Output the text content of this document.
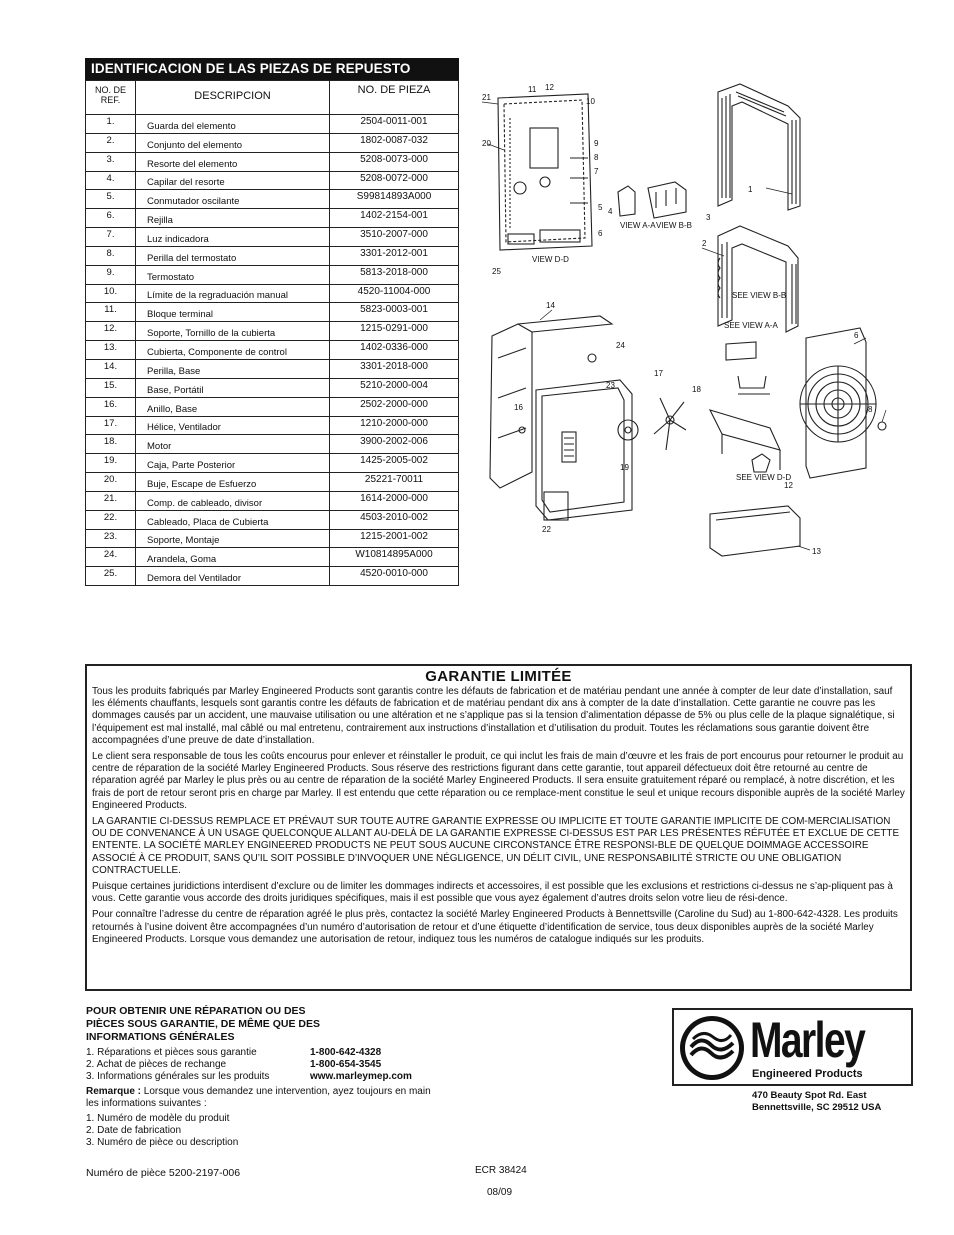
IDENTIFICACION DE LAS PIEZAS DE REPUESTO
NO. DE
REF.	DESCRIPCION	NO. DE PIEZA
1.	Guarda del elemento	2504-0011-001
2.	Conjunto del elemento	1802-0087-032
3.	Resorte del elemento	5208-0073-000
4.	Capilar del resorte	5208-0072-000
5.	Conmutador oscilante	S99814893A000
6.	Rejilla	1402-2154-001
7.	Luz indicadora	3510-2007-000
8.	Perilla del termostato	3301-2012-001
9.	Termostato	5813-2018-000
10.	Límite de la regraduación manual	4520-11004-000
11.	Bloque terminal	5823-0003-001
12.	Soporte, Tornillo de la cubierta	1215-0291-000
13.	Cubierta, Componente de control	1402-0336-000
14.	Perilla, Base	3301-2018-000
15.	Base, Portátil	5210-2000-004
16.	Anillo, Base	2502-2000-000
17.	Hélice, Ventilador	1210-2000-000
18.	Motor	3900-2002-006
19.	Caja, Parte Posterior	1425-2005-002
20.	Buje, Escape de Esfuerzo	25221-70011
21.	Comp. de cableado, divisor	1614-2000-000
22.	Cableado, Placa de Cubierta	4503-2010-002
23.	Soporte, Montaje	1215-2001-002
24.	Arandela, Goma	W10814895A000
25.	Demora del Ventilador	4520-0010-000
21
12
11
10
20	9
8
7
5
6
4
3
1
2
25
14
24
23
17
18
16
19
22
6
8
12
13
VIEW A-A VIEW B-B
VIEW D-D
SEE VIEW B-B
SEE VIEW A-A
SEE VIEW D-D
GARANTIE LIMITÉE

Tous les produits fabriqués par Marley Engineered Products sont garantis contre les défauts de fabrication et de matériau pendant une année à compter de leur date d’installation, sauf les éléments chauffants, lesquels sont garantis contre les défauts de fabrication et de matériau pendant dix ans à compter de la date d’installation. Cette garantie ne couvre pas les dommages causés par un accident, une mauvaise utilisation ou une altération et ne s’applique pas si la tension d’alimentation dépasse de 5% ou plus celle de la plaque signalétique, si l’équipement est mal installé, mal câblé ou mal entretenu, contrairement aux instructions d’installation et d’utilisation du produit. Toutes les réclamations sous garantie doivent être accompagnées d’une preuve de date d’installation.

Le client sera responsable de tous les coûts encourus pour enlever et réinstaller le produit, ce qui inclut les frais de main d’œuvre et les frais de port encourus pour retourner le produit au centre de réparation de la société Marley Engineered Products. Sous réserve des restrictions figurant dans cette garantie, tout appareil défectueux doit être retourné au centre de réparation agréé par Marley le plus près ou au centre de réparation de la société Marley Engineered Products. Il sera ensuite gratuitement réparé ou remplacé, à notre discrétion, et les frais de port de retour seront pris en charge par Marley. Il est entendu que cette réparation ou ce remplace-ment constitue le seul et unique recours disponible auprès de la société Marley Engineered Products.

LA GARANTIE CI-DESSUS REMPLACE ET PRÉVAUT SUR TOUTE AUTRE GARANTIE EXPRESSE OU IMPLICITE ET TOUTE GARANTIE IMPLICITE DE COM-MERCIALISATION OU DE CONVENANCE À UN USAGE QUELCONQUE ALLANT AU-DELÀ DE LA GARANTIE EXPRESSE CI-DESSUS EST PAR LES PRÉSENTES RÉFUTÉE ET EXCLUE DE CETTE ENTENTE. LA SOCIÉTÉ MARLEY ENGINEERED PRODUCTS NE PEUT SOUS AUCUNE CIRCONSTANCE ÊTRE RESPONSI-BLE DE QUELQUE DOIMMAGE ACCESSOIRE ASSOCIÉ À CE PRODUIT, SANS QU’IL SOIT POSSIBLE D’INVOQUER UNE NÉGLIGENCE, UN DÉLIT CIVIL, UNE RESPONSABILITÉ STRICTE OU UNE OBLIGATION CONTRACTUELLE.

Puisque certaines juridictions interdisent d’exclure ou de limiter les dommages indirects et accessoires, il est possible que les exclusions et restrictions ci-dessus ne s’ap-pliquent pas à vous. Cette garantie vous accorde des droits juridiques spécifiques, mais il est possible que vous ayez également d’autres droits selon votre lieu de rési-dence.

Pour connaître l’adresse du centre de réparation agréé le plus près, contactez la société Marley Engineered Products à Bennettsville (Caroline du Sud) au 1-800-642-4328. Les produits retournés à l’usine doivent être accompagnées d’un numéro d’autorisation de retour et d’une étiquette d’identification de service, tous deux disponibles auprès de la société Marley Engineered Products. Lorsque vous demandez une autorisation de retour, indiquez tous les numéros de catalogue indiqués sur les produits.

POUR OBTENIR UNE RÉPARATION OU DES
PIÈCES SOUS GARANTIE, DE MÊME QUE DES
INFORMATIONS GÉNÉRALES
1. Réparations et pièces sous garantie	1-800-642-4328
2. Achat de pièces de rechange	1-800-654-3545
3. Informations générales sur les produits	www.marleymep.com
Remarque : Lorsque vous demandez une intervention, ayez toujours en main les informations suivantes :
1. Numéro de modèle du produit
2. Date de fabrication
3. Numéro de pièce ou description
Numéro de pièce 5200-2197-006	ECR 38424
08/09
Marley
Engineered Products
470 Beauty Spot Rd. East
Bennettsville, SC 29512 USA
